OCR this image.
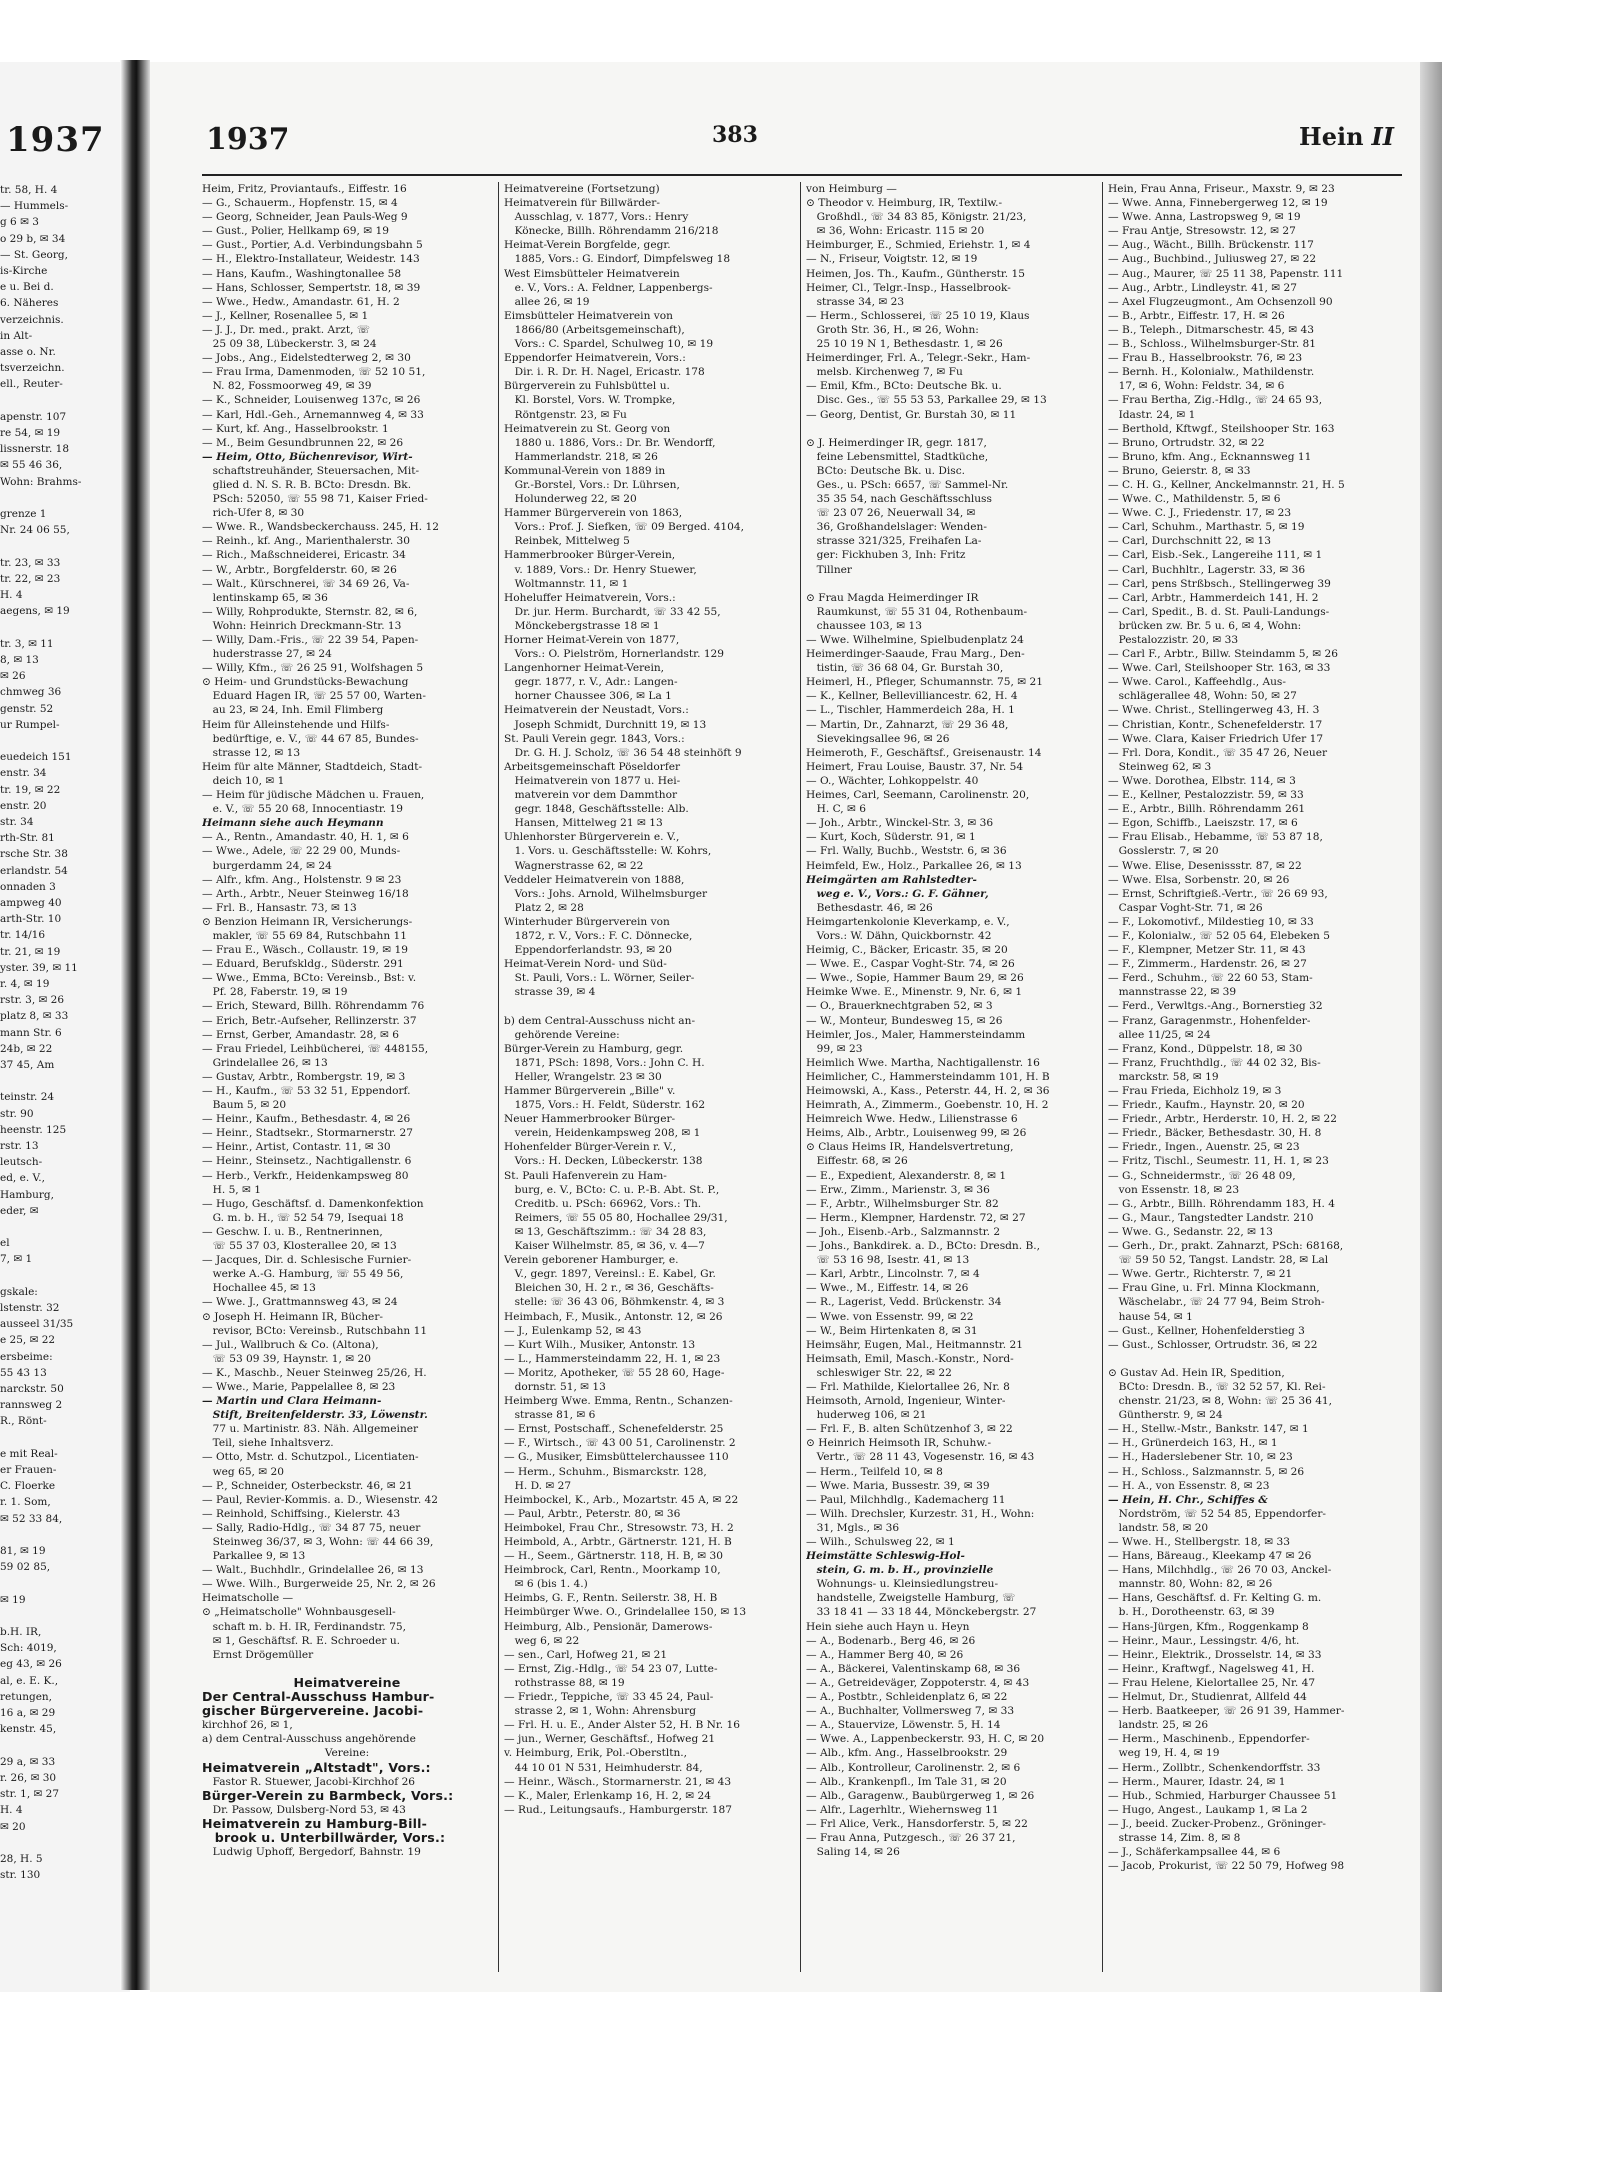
1937
tr. 58, H. 4
— Hummels-
g 6 ✉ 3
o 29 b, ✉ 34
— St. Georg,
is-Kirche
e u. Bei d.
6. Näheres
verzeichnis.
in Alt-
asse o. Nr.
tsverzeichn.
ell., Reuter-

apenstr. 107
re 54, ✉ 19
lissnerstr. 18
✉ 55 46 36,
Wohn: Brahms-

grenze 1
Nr. 24 06 55,

tr. 23, ✉ 33
tr. 22, ✉ 23
H. 4
aegens, ✉ 19

tr. 3, ✉ 11
8, ✉ 13
✉ 26
chmweg 36
genstr. 52
ur Rumpel-

euedeich 151
enstr. 34
tr. 19, ✉ 22
enstr. 20
str. 34
rth-Str. 81
rsche Str. 38
erlandstr. 54
onnaden 3
ampweg 40
arth-Str. 10
tr. 14/16
tr. 21, ✉ 19
yster. 39, ✉ 11
r. 4, ✉ 19
rstr. 3, ✉ 26
platz 8, ✉ 33
mann Str. 6
24b, ✉ 22
37 45, Am

teinstr. 24
str. 90
heenstr. 125
rstr. 13
leutsch-
ed, e. V.,
Hamburg,
eder, ✉

el
7, ✉ 1

gskale:
lstenstr. 32
ausseel 31/35
e 25, ✉ 22
ersbeime:
55 43 13
narckstr. 50
rannsweg 2
R., Rönt-

e mit Real-
er Frauen-
C. Floerke
r. 1. Som,
✉ 52 33 84,

81, ✉ 19
59 02 85,

✉ 19

b.H. IR,
Sch: 4019,
eg 43, ✉ 26
al, e. E. K.,
retungen,
16 a, ✉ 29
kenstr. 45,

29 a, ✉ 33
r. 26, ✉ 30
str. 1, ✉ 27
H. 4
✉ 20

28, H. 5
str. 130
1937	383	Hein II
Heim, Fritz, Proviantaufs., Eiffestr. 16
— G., Schauerm., Hopfenstr. 15, ✉ 4
— Georg, Schneider, Jean Pauls-Weg 9
— Gust., Polier, Hellkamp 69, ✉ 19
— Gust., Portier, A.d. Verbindungsbahn 5
— H., Elektro-Installateur, Weidestr. 143
— Hans, Kaufm., Washingtonallee 58
— Hans, Schlosser, Sempertstr. 18, ✉ 39
— Wwe., Hedw., Amandastr. 61, H. 2
— J., Kellner, Rosenallee 5, ✉ 1
— J. J., Dr. med., prakt. Arzt, ☏
 25 09 38, Lübeckerstr. 3, ✉ 24
— Jobs., Ang., Eidelstedterweg 2, ✉ 30
— Frau Irma, Damenmoden, ☏ 52 10 51,
 N. 82, Fossmoorweg 49, ✉ 39
— K., Schneider, Louisenweg 137c, ✉ 26
— Karl, Hdl.-Geh., Arnemannweg 4, ✉ 33
— Kurt, kf. Ang., Hasselbrookstr. 1
— M., Beim Gesundbrunnen 22, ✉ 26
— Heim, Otto, Büchenrevisor, Wirt-
 schaftstreuhänder, Steuersachen, Mit-
 glied d. N. S. R. B. BCto: Dresdn. Bk.
 PSch: 52050, ☏ 55 98 71, Kaiser Fried-
 rich-Ufer 8, ✉ 30
— Wwe. R., Wandsbeckerchauss. 245, H. 12
— Reinh., kf. Ang., Marienthalerstr. 30
— Rich., Maßschneiderei, Ericastr. 34
— W., Arbtr., Borgfelderstr. 60, ✉ 26
— Walt., Kürschnerei, ☏ 34 69 26, Va-
 lentinskamp 65, ✉ 36
— Willy, Rohprodukte, Sternstr. 82, ✉ 6,
 Wohn: Heinrich Dreckmann-Str. 13
— Willy, Dam.-Fris., ☏ 22 39 54, Papen-
 huderstrasse 27, ✉ 24
— Willy, Kfm., ☏ 26 25 91, Wolfshagen 5
⊙ Heim- und Grundstücks-Bewachung
 Eduard Hagen IR, ☏ 25 57 00, Warten-
 au 23, ✉ 24, Inh. Emil Flimberg
Heim für Alleinstehende und Hilfs-
 bedürftige, e. V., ☏ 44 67 85, Bundes-
 strasse 12, ✉ 13
Heim für alte Männer, Stadtdeich, Stadt-
 deich 10, ✉ 1
— Heim für jüdische Mädchen u. Frauen,
 e. V., ☏ 55 20 68, Innocentiastr. 19
Heimann siehe auch Heymann
— A., Rentn., Amandastr. 40, H. 1, ✉ 6
— Wwe., Adele, ☏ 22 29 00, Munds-
 burgerdamm 24, ✉ 24
— Alfr., kfm. Ang., Holstenstr. 9 ✉ 23
— Arth., Arbtr., Neuer Steinweg 16/18
— Frl. B., Hansastr. 73, ✉ 13
⊙ Benzion Heimann IR, Versicherungs-
 makler, ☏ 55 69 84, Rutschbahn 11
— Frau E., Wäsch., Collaustr. 19, ✉ 19
— Eduard, Berufskldg., Süderstr. 291
— Wwe., Emma, BCto: Vereinsb., Bst: v.
 Pf. 28, Faberstr. 19, ✉ 19
— Erich, Steward, Billh. Röhrendamm 76
— Erich, Betr.-Aufseher, Rellinzerstr. 37
— Ernst, Gerber, Amandastr. 28, ✉ 6
— Frau Friedel, Leihbücherei, ☏ 448155,
 Grindelallee 26, ✉ 13
— Gustav, Arbtr., Rombergstr. 19, ✉ 3
— H., Kaufm., ☏ 53 32 51, Eppendorf.
 Baum 5, ✉ 20
— Heinr., Kaufm., Bethesdastr. 4, ✉ 26
— Heinr., Stadtsekr., Stormarnerstr. 27
— Heinr., Artist, Contastr. 11, ✉ 30
— Heinr., Steinsetz., Nachtigallenstr. 6
— Herb., Verkfr., Heidenkampsweg 80
 H. 5, ✉ 1
— Hugo, Geschäftsf. d. Damenkonfektion
 G. m. b. H., ☏ 52 54 79, Isequai 18
— Geschw. I. u. B., Rentnerinnen,
 ☏ 55 37 03, Klosterallee 20, ✉ 13
— Jacques, Dir. d. Schlesische Furnier-
 werke A.-G. Hamburg, ☏ 55 49 56,
 Hochallee 45, ✉ 13
— Wwe. J., Grattmannsweg 43, ✉ 24
⊙ Joseph H. Heimann IR, Bücher-
 revisor, BCto: Vereinsb., Rutschbahn 11
— Jul., Wallbruch & Co. (Altona),
 ☏ 53 09 39, Haynstr. 1, ✉ 20
— K., Maschb., Neuer Steinweg 25/26, H.
— Wwe., Marie, Pappelallee 8, ✉ 23
— Martin und Clara Heimann-
 Stift, Breitenfelderstr. 33, Löwenstr.
 77 u. Martinistr. 83. Näh. Allgemeiner
 Teil, siehe Inhaltsverz.
— Otto, Mstr. d. Schutzpol., Licentiaten-
 weg 65, ✉ 20
— P., Schneider, Osterbeckstr. 46, ✉ 21
— Paul, Revier-Kommis. a. D., Wiesenstr. 42
— Reinhold, Schiffsing., Kielerstr. 43
— Sally, Radio-Hdlg., ☏ 34 87 75, neuer
 Steinweg 36/37, ✉ 3, Wohn: ☏ 44 66 39,
 Parkallee 9, ✉ 13
— Walt., Buchhdlr., Grindelallee 26, ✉ 13
— Wwe. Wilh., Burgerweide 25, Nr. 2, ✉ 26
Heimatscholle —
⊙ „Heimatscholle" Wohnbausgesell-
 schaft m. b. H. IR, Ferdinandstr. 75,
 ✉ 1, Geschäftsf. R. E. Schroeder u.
 Ernst Drögemüller

Heimatvereine
Der Central-Ausschuss Hambur-
gischer Bürgervereine. Jacobi-
kirchhof 26, ✉ 1,
a) dem Central-Ausschuss angehörende
Vereine:
Heimatverein „Altstadt", Vors.:
 Fastor R. Stuewer, Jacobi-Kirchhof 26
Bürger-Verein zu Barmbeck, Vors.:
 Dr. Passow, Dulsberg-Nord 53, ✉ 43
Heimatverein zu Hamburg-Bill-
 brook u. Unterbillwärder, Vors.:
 Ludwig Uphoff, Bergedorf, Bahnstr. 19
Heimatvereine (Fortsetzung)
Heimatverein für Billwärder-
 Ausschlag, v. 1877, Vors.: Henry
 Könecke, Billh. Röhrendamm 216/218
Heimat-Verein Borgfelde, gegr.
 1885, Vors.: G. Eindorf, Dimpfelsweg 18
West Eimsbütteler Heimatverein
 e. V., Vors.: A. Feldner, Lappenbergs-
 allee 26, ✉ 19
Eimsbütteler Heimatverein von
 1866/80 (Arbeitsgemeinschaft),
 Vors.: C. Spardel, Schulweg 10, ✉ 19
Eppendorfer Heimatverein, Vors.:
 Dir. i. R. Dr. H. Nagel, Ericastr. 178
Bürgerverein zu Fuhlsbüttel u.
 Kl. Borstel, Vors. W. Trompke,
 Röntgenstr. 23, ✉ Fu
Heimatverein zu St. Georg von
 1880 u. 1886, Vors.: Dr. Br. Wendorff,
 Hammerlandstr. 218, ✉ 26
Kommunal-Verein von 1889 in
 Gr.-Borstel, Vors.: Dr. Lührsen,
 Holunderweg 22, ✉ 20
Hammer Bürgerverein von 1863,
 Vors.: Prof. J. Siefken, ☏ 09 Berged. 4104,
 Reinbek, Mittelweg 5
Hammerbrooker Bürger-Verein,
 v. 1889, Vors.: Dr. Henry Stuewer,
 Woltmannstr. 11, ✉ 1
Hoheluffer Heimatverein, Vors.:
 Dr. jur. Herm. Burchardt, ☏ 33 42 55,
 Mönckebergstrasse 18 ✉ 1
Horner Heimat-Verein von 1877,
 Vors.: O. Pielström, Hornerlandstr. 129
Langenhorner Heimat-Verein,
 gegr. 1877, r. V., Adr.: Langen-
 horner Chaussee 306, ✉ La 1
Heimatverein der Neustadt, Vors.:
 Joseph Schmidt, Durchnitt 19, ✉ 13
St. Pauli Verein gegr. 1843, Vors.:
 Dr. G. H. J. Scholz, ☏ 36 54 48 steinhöft 9
Arbeitsgemeinschaft Pöseldorfer
 Heimatverein von 1877 u. Hei-
 matverein vor dem Dammthor
 gegr. 1848, Geschäftsstelle: Alb.
 Hansen, Mittelweg 21 ✉ 13
Uhlenhorster Bürgerverein e. V.,
 1. Vors. u. Geschäftsstelle: W. Kohrs,
 Wagnerstrasse 62, ✉ 22
Veddeler Heimatverein von 1888,
 Vors.: Johs. Arnold, Wilhelmsburger
 Platz 2, ✉ 28
Winterhuder Bürgerverein von
 1872, r. V., Vors.: F. C. Dönnecke,
 Eppendorferlandstr. 93, ✉ 20
Heimat-Verein Nord- und Süd-
 St. Pauli, Vors.: L. Wörner, Seiler-
 strasse 39, ✉ 4

b) dem Central-Ausschuss nicht an-
 gehörende Vereine:
Bürger-Verein zu Hamburg, gegr.
 1871, PSch: 1898, Vors.: John C. H.
 Heller, Wrangelstr. 23 ✉ 30
Hammer Bürgerverein „Bille" v.
 1875, Vors.: H. Feldt, Süderstr. 162
Neuer Hammerbrooker Bürger-
 verein, Heidenkampsweg 208, ✉ 1
Hohenfelder Bürger-Verein r. V.,
 Vors.: H. Decken, Lübeckerstr. 138
St. Pauli Hafenverein zu Ham-
 burg, e. V., BCto: C. u. P.-B. Abt. St. P.,
 Creditb. u. PSch: 66962, Vors.: Th.
 Reimers, ☏ 55 05 80, Hochallee 29/31,
 ✉ 13, Geschäftszimm.: ☏ 34 28 83,
 Kaiser Wilhelmstr. 85, ✉ 36, v. 4—7
Verein geborener Hamburger, e.
 V., gegr. 1897, Vereinsl.: E. Kabel, Gr.
 Bleichen 30, H. 2 r., ✉ 36, Geschäfts-
 stelle: ☏ 36 43 06, Böhmkenstr. 4, ✉ 3
Heimbach, F., Musik., Antonstr. 12, ✉ 26
— J., Eulenkamp 52, ✉ 43
— Kurt Wilh., Musiker, Antonstr. 13
— L., Hammersteindamm 22, H. 1, ✉ 23
— Moritz, Apotheker, ☏ 55 28 60, Hage-
 dornstr. 51, ✉ 13
Heimberg Wwe. Emma, Rentn., Schanzen-
 strasse 81, ✉ 6
— Ernst, Postschaff., Schenefelderstr. 25
— F., Wirtsch., ☏ 43 00 51, Carolinenstr. 2
— G., Musiker, Eimsbüttelerchaussee 110
— Herm., Schuhm., Bismarckstr. 128,
 H. D. ✉ 27
Heimbockel, K., Arb., Mozartstr. 45 A, ✉ 22
— Paul, Arbtr., Peterstr. 80, ✉ 36
Heimbokel, Frau Chr., Stresowstr. 73, H. 2
Heimbold, A., Arbtr., Gärtnerstr. 121, H. B
— H., Seem., Gärtnerstr. 118, H. B, ✉ 30
Heimbrock, Carl, Rentn., Moorkamp 10,
 ✉ 6 (bis 1. 4.)
Heimbs, G. F., Rentn. Seilerstr. 38, H. B
Heimbürger Wwe. O., Grindelallee 150, ✉ 13
Heimburg, Alb., Pensionär, Damerows-
 weg 6, ✉ 22
— sen., Carl, Hofweg 21, ✉ 21
— Ernst, Zig.-Hdlg., ☏ 54 23 07, Lutte-
 rothstrasse 88, ✉ 19
— Friedr., Teppiche, ☏ 33 45 24, Paul-
 strasse 2, ✉ 1, Wohn: Ahrensburg
— Frl. H. u. E., Ander Alster 52, H. B Nr. 16
— jun., Werner, Geschäftsf., Hofweg 21
v. Heimburg, Erik, Pol.-Oberstltn.,
 44 10 01 N 531, Heimhuderstr. 84,
— Heinr., Wäsch., Stormarnerstr. 21, ✉ 43
— K., Maler, Erlenkamp 16, H. 2, ✉ 24
— Rud., Leitungsaufs., Hamburgerstr. 187
von Heimburg —
⊙ Theodor v. Heimburg, IR, Textilw.-
 Großhdl., ☏ 34 83 85, Königstr. 21/23,
 ✉ 36, Wohn: Ericastr. 115 ✉ 20
Heimburger, E., Schmied, Eriehstr. 1, ✉ 4
— N., Friseur, Voigtstr. 12, ✉ 19
Heimen, Jos. Th., Kaufm., Güntherstr. 15
Heimer, Cl., Telgr.-Insp., Hasselbrook-
 strasse 34, ✉ 23
— Herm., Schlosserei, ☏ 25 10 19, Klaus
 Groth Str. 36, H., ✉ 26, Wohn:
 25 10 19 N 1, Bethesdastr. 1, ✉ 26
Heimerdinger, Frl. A., Telegr.-Sekr., Ham-
 melsb. Kirchenweg 7, ✉ Fu
— Emil, Kfm., BCto: Deutsche Bk. u.
 Disc. Ges., ☏ 55 53 53, Parkallee 29, ✉ 13
— Georg, Dentist, Gr. Burstah 30, ✉ 11

⊙ J. Heimerdinger IR, gegr. 1817,
 feine Lebensmittel, Stadtküche,
 BCto: Deutsche Bk. u. Disc.
 Ges., u. PSch: 6657, ☏ Sammel-Nr.
 35 35 54, nach Geschäftsschluss
 ☏ 23 07 26, Neuerwall 34, ✉
 36, Großhandelslager: Wenden-
 strasse 321/325, Freihafen La-
 ger: Fickhuben 3, Inh: Fritz
 Tillner

⊙ Frau Magda Heimerdinger IR
 Raumkunst, ☏ 55 31 04, Rothenbaum-
 chaussee 103, ✉ 13
— Wwe. Wilhelmine, Spielbudenplatz 24
Heimerdinger-Saaude, Frau Marg., Den-
 tistin, ☏ 36 68 04, Gr. Burstah 30,
Heimerl, H., Pfleger, Schumannstr. 75, ✉ 21
— K., Kellner, Bellevilliancestr. 62, H. 4
— L., Tischler, Hammerdeich 28a, H. 1
— Martin, Dr., Zahnarzt, ☏ 29 36 48,
 Sievekingsallee 96, ✉ 26
Heimeroth, F., Geschäftsf., Greisenaustr. 14
Heimert, Frau Louise, Baustr. 37, Nr. 54
— O., Wächter, Lohkoppelstr. 40
Heimes, Carl, Seemann, Carolinenstr. 20,
 H. C, ✉ 6
— Joh., Arbtr., Winckel-Str. 3, ✉ 36
— Kurt, Koch, Süderstr. 91, ✉ 1
— Frl. Wally, Buchb., Weststr. 6, ✉ 36
Heimfeld, Ew., Holz., Parkallee 26, ✉ 13
Heimgärten am Rahlstedter-
 weg e. V., Vors.: G. F. Gähner,
 Bethesdastr. 46, ✉ 26
Heimgartenkolonie Kleverkamp, e. V.,
 Vors.: W. Dähn, Quickbornstr. 42
Heimig, C., Bäcker, Ericastr. 35, ✉ 20
— Wwe. E., Caspar Voght-Str. 74, ✉ 26
— Wwe., Sopie, Hammer Baum 29, ✉ 26
Heimke Wwe. E., Minenstr. 9, Nr. 6, ✉ 1
— O., Brauerknechtgraben 52, ✉ 3
— W., Monteur, Bundesweg 15, ✉ 26
Heimler, Jos., Maler, Hammersteindamm
 99, ✉ 23
Heimlich Wwe. Martha, Nachtigallenstr. 16
Heimlicher, C., Hammersteindamm 101, H. B
Heimowski, A., Kass., Peterstr. 44, H. 2, ✉ 36
Heimrath, A., Zimmerm., Goebenstr. 10, H. 2
Heimreich Wwe. Hedw., Lilienstrasse 6
Heims, Alb., Arbtr., Louisenweg 99, ✉ 26
⊙ Claus Heims IR, Handelsvertretung,
 Eiffestr. 68, ✉ 26
— E., Expedient, Alexanderstr. 8, ✉ 1
— Erw., Zimm., Marienstr. 3, ✉ 36
— F., Arbtr., Wilhelmsburger Str. 82
— Herm., Klempner, Hardenstr. 72, ✉ 27
— Joh., Eisenb.-Arb., Salzmannstr. 2
— Johs., Bankdirek. a. D., BCto: Dresdn. B.,
 ☏ 53 16 98, Isestr. 41, ✉ 13
— Karl, Arbtr., Lincolnstr. 7, ✉ 4
— Wwe., M., Eiffestr. 14, ✉ 26
— R., Lagerist, Vedd. Brückenstr. 34
— Wwe. von Essenstr. 99, ✉ 22
— W., Beim Hirtenkaten 8, ✉ 31
Heimsähr, Eugen, Mal., Heitmannstr. 21
Heimsath, Emil, Masch.-Konstr., Nord-
 schleswiger Str. 22, ✉ 22
— Frl. Mathilde, Kielortallee 26, Nr. 8
Heimsoth, Arnold, Ingenieur, Winter-
 huderweg 106, ✉ 21
— Frl. F., B. alten Schützenhof 3, ✉ 22
⊙ Heinrich Heimsoth IR, Schuhw.-
 Vertr., ☏ 28 11 43, Vogesenstr. 16, ✉ 43
— Herm., Teilfeld 10, ✉ 8
— Wwe. Maria, Bussestr. 39, ✉ 39
— Paul, Milchhdlg., Kademacherg 11
— Wilh. Drechsler, Kurzestr. 31, H., Wohn:
 31, Mgls., ✉ 36
— Wilh., Schulsweg 22, ✉ 1
Heimstätte Schleswig-Hol-
 stein, G. m. b. H., provinzielle
 Wohnungs- u. Kleinsiedlungstreu-
 handstelle, Zweigstelle Hamburg, ☏
 33 18 41 — 33 18 44, Mönckebergstr. 27
Hein siehe auch Hayn u. Heyn
— A., Bodenarb., Berg 46, ✉ 26
— A., Hammer Berg 40, ✉ 26
— A., Bäckerei, Valentinskamp 68, ✉ 36
— A., Getreideväger, Zoppoterstr. 4, ✉ 43
— A., Postbtr., Schleidenplatz 6, ✉ 22
— A., Buchhalter, Vollmersweg 7, ✉ 33
— A., Stauervize, Löwenstr. 5, H. 14
— Wwe. A., Lappenbeckerstr. 93, H. C, ✉ 20
— Alb., kfm. Ang., Hasselbrookstr. 29
— Alb., Kontrolleur, Carolinenstr. 2, ✉ 6
— Alb., Krankenpfl., Im Tale 31, ✉ 20
— Alb., Garagenw., Baubürgerweg 1, ✉ 26
— Alfr., Lagerhltr., Wiehernsweg 11
— Frl Alice, Verk., Hansdorferstr. 5, ✉ 22
— Frau Anna, Putzgesch., ☏ 26 37 21,
 Saling 14, ✉ 26
Hein, Frau Anna, Friseur., Maxstr. 9, ✉ 23
— Wwe. Anna, Finnebergerweg 12, ✉ 19
— Wwe. Anna, Lastropsweg 9, ✉ 19
— Frau Antje, Stresowstr. 12, ✉ 27
— Aug., Wächt., Billh. Brückenstr. 117
— Aug., Buchbind., Juliusweg 27, ✉ 22
— Aug., Maurer, ☏ 25 11 38, Papenstr. 111
— Aug., Arbtr., Lindleystr. 41, ✉ 27
— Axel Flugzeugmont., Am Ochsenzoll 90
— B., Arbtr., Eiffestr. 17, H. ✉ 26
— B., Teleph., Ditmarschestr. 45, ✉ 43
— B., Schloss., Wilhelmsburger-Str. 81
— Frau B., Hasselbrookstr. 76, ✉ 23
— Bernh. H., Kolonialw., Mathildenstr.
 17, ✉ 6, Wohn: Feldstr. 34, ✉ 6
— Frau Bertha, Zig.-Hdlg., ☏ 24 65 93,
 Idastr. 24, ✉ 1
— Berthold, Kftwgf., Steilshooper Str. 163
— Bruno, Ortrudstr. 32, ✉ 22
— Bruno, kfm. Ang., Ecknannsweg 11
— Bruno, Geierstr. 8, ✉ 33
— C. H. G., Kellner, Anckelmannstr. 21, H. 5
— Wwe. C., Mathildenstr. 5, ✉ 6
— Wwe. C. J., Friedenstr. 17, ✉ 23
— Carl, Schuhm., Marthastr. 5, ✉ 19
— Carl, Durchschnitt 22, ✉ 13
— Carl, Eisb.-Sek., Langereihe 111, ✉ 1
— Carl, Buchhltr., Lagerstr. 33, ✉ 36
— Carl, pens Strßbsch., Stellingerweg 39
— Carl, Arbtr., Hammerdeich 141, H. 2
— Carl, Spedit., B. d. St. Pauli-Landungs-
 brücken zw. Br. 5 u. 6, ✉ 4, Wohn:
 Pestalozzistr. 20, ✉ 33
— Carl F., Arbtr., Billw. Steindamm 5, ✉ 26
— Wwe. Carl, Steilshooper Str. 163, ✉ 33
— Wwe. Carol., Kaffeehdlg., Aus-
 schlägerallee 48, Wohn: 50, ✉ 27
— Wwe. Christ., Stellingerweg 43, H. 3
— Christian, Kontr., Schenefelderstr. 17
— Wwe. Clara, Kaiser Friedrich Ufer 17
— Frl. Dora, Kondit., ☏ 35 47 26, Neuer
 Steinweg 62, ✉ 3
— Wwe. Dorothea, Elbstr. 114, ✉ 3
— E., Kellner, Pestalozzistr. 59, ✉ 33
— E., Arbtr., Billh. Röhrendamm 261
— Egon, Schiffb., Laeiszstr. 17, ✉ 6
— Frau Elisab., Hebamme, ☏ 53 87 18,
 Gosslerstr. 7, ✉ 20
— Wwe. Elise, Desenissstr. 87, ✉ 22
— Wwe. Elsa, Sorbenstr. 20, ✉ 26
— Ernst, Schriftgieß.-Vertr., ☏ 26 69 93,
 Caspar Voght-Str. 71, ✉ 26
— F., Lokomotivf., Mildestieg 10, ✉ 33
— F., Kolonialw., ☏ 52 05 64, Elebeken 5
— F., Klempner, Metzer Str. 11, ✉ 43
— F., Zimmerm., Hardenstr. 26, ✉ 27
— Ferd., Schuhm., ☏ 22 60 53, Stam-
 mannstrasse 22, ✉ 39
— Ferd., Verwltgs.-Ang., Bornerstieg 32
— Franz, Garagenmstr., Hohenfelder-
 allee 11/25, ✉ 24
— Franz, Kond., Düppelstr. 18, ✉ 30
— Franz, Fruchthdlg., ☏ 44 02 32, Bis-
 marckstr. 58, ✉ 19
— Frau Frieda, Eichholz 19, ✉ 3
— Friedr., Kaufm., Haynstr. 20, ✉ 20
— Friedr., Arbtr., Herderstr. 10, H. 2, ✉ 22
— Friedr., Bäcker, Bethesdastr. 30, H. 8
— Friedr., Ingen., Auenstr. 25, ✉ 23
— Fritz, Tischl., Seumestr. 11, H. 1, ✉ 23
— G., Schneidermstr., ☏ 26 48 09,
 von Essenstr. 18, ✉ 23
— G., Arbtr., Billh. Röhrendamm 183, H. 4
— G., Maur., Tangstedter Landstr. 210
— Wwe. G., Sedanstr. 22, ✉ 13
— Gerh., Dr., prakt. Zahnarzt, PSch: 68168,
 ☏ 59 50 52, Tangst. Landstr. 28, ✉ Lal
— Wwe. Gertr., Richterstr. 7, ✉ 21
— Frau Gine, u. Frl. Minna Klockmann,
 Wäschelabr., ☏ 24 77 94, Beim Stroh-
 hause 54, ✉ 1
— Gust., Kellner, Hohenfelderstieg 3
— Gust., Schlosser, Ortrudstr. 36, ✉ 22

⊙ Gustav Ad. Hein IR, Spedition,
 BCto: Dresdn. B., ☏ 32 52 57, Kl. Rei-
 chenstr. 21/23, ✉ 8, Wohn: ☏ 25 36 41,
 Güntherstr. 9, ✉ 24
— H., Stellw.-Mstr., Bankstr. 147, ✉ 1
— H., Grünerdeich 163, H., ✉ 1
— H., Haderslebener Str. 10, ✉ 23
— H., Schloss., Salzmannstr. 5, ✉ 26
— H. A., von Essenstr. 8, ✉ 23
— Hein, H. Chr., Schiffes &
 Nordström, ☏ 52 54 85, Eppendorfer-
 landstr. 58, ✉ 20
— Wwe. H., Stellbergstr. 18, ✉ 33
— Hans, Bäreaug., Kleekamp 47 ✉ 26
— Hans, Milchhdlg., ☏ 26 70 03, Anckel-
 mannstr. 80, Wohn: 82, ✉ 26
— Hans, Geschäftsf. d. Fr. Kelting G. m.
 b. H., Dorotheenstr. 63, ✉ 39
— Hans-Jürgen, Kfm., Roggenkamp 8
— Heinr., Maur., Lessingstr. 4/6, ht.
— Heinr., Elektrik., Drosselstr. 14, ✉ 33
— Heinr., Kraftwgf., Nagelsweg 41, H.
— Frau Helene, Kielortallee 25, Nr. 47
— Helmut, Dr., Studienrat, Allfeld 44
— Herb. Baatkeeper, ☏ 26 91 39, Hammer-
 landstr. 25, ✉ 26
— Herm., Maschinenb., Eppendorfer-
 weg 19, H. 4, ✉ 19
— Herm., Zollbtr., Schenkendorffstr. 33
— Herm., Maurer, Idastr. 24, ✉ 1
— Hub., Schmied, Harburger Chaussee 51
— Hugo, Angest., Laukamp 1, ✉ La 2
— J., beeid. Zucker-Probenz., Gröninger-
 strasse 14, Zim. 8, ✉ 8
— J., Schäferkampsallee 44, ✉ 6
— Jacob, Prokurist, ☏ 22 50 79, Hofweg 98
